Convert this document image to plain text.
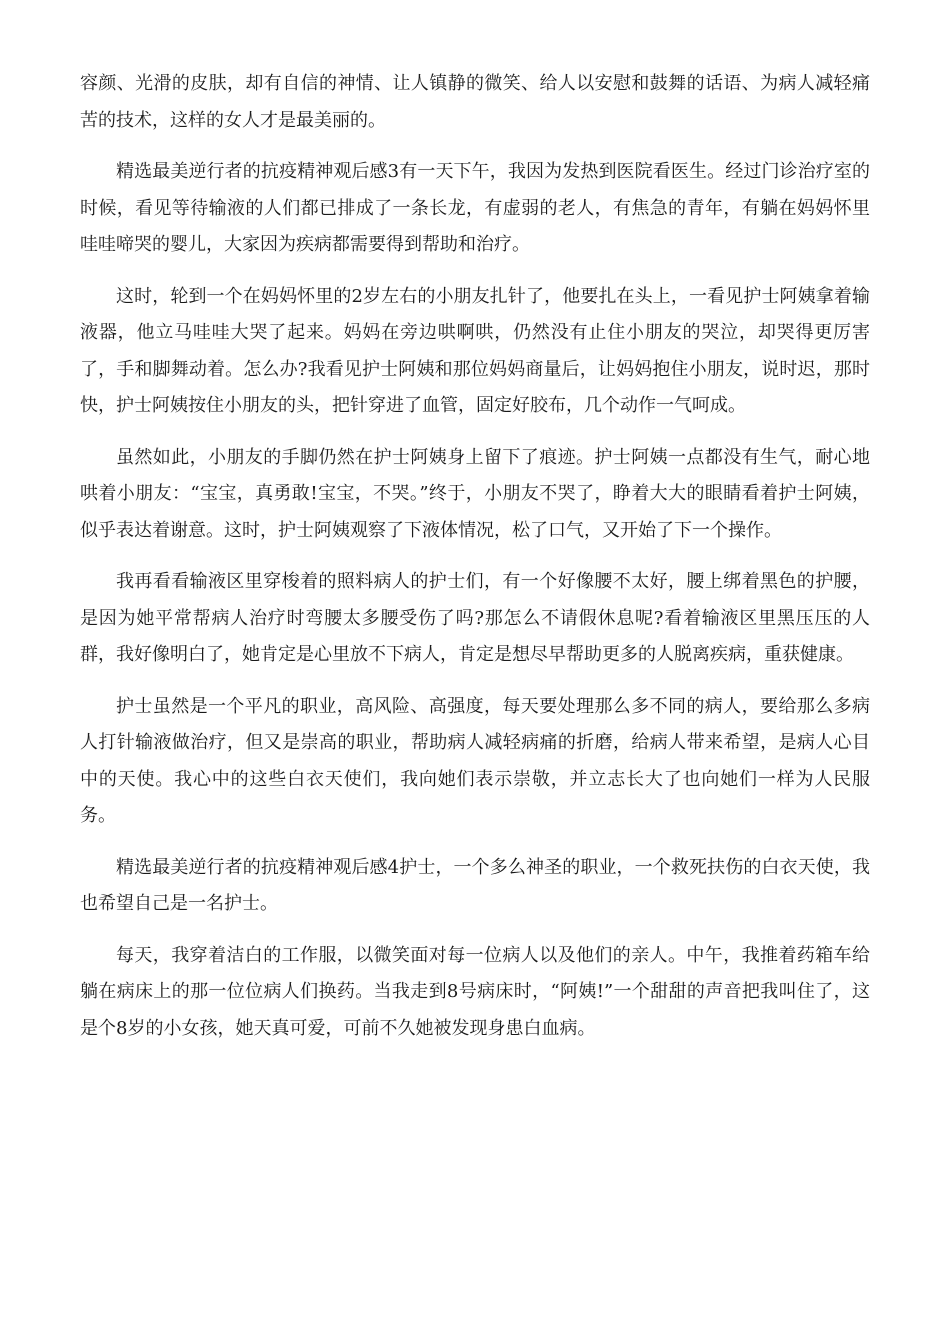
容颜、光滑的皮肤，却有自信的神情、让人镇静的微笑、给人以安慰和鼓舞的话语、为病人减轻痛苦的技术，这样的女人才是最美丽的。

精选最美逆行者的抗疫精神观后感3有一天下午，我因为发热到医院看医生。经过门诊治疗室的时候，看见等待输液的人们都已排成了一条长龙，有虚弱的老人，有焦急的青年，有躺在妈妈怀里哇哇啼哭的婴儿，大家因为疾病都需要得到帮助和治疗。

这时，轮到一个在妈妈怀里的2岁左右的小朋友扎针了，他要扎在头上，一看见护士阿姨拿着输液器，他立马哇哇大哭了起来。妈妈在旁边哄啊哄，仍然没有止住小朋友的哭泣，却哭得更厉害了，手和脚舞动着。怎么办?我看见护士阿姨和那位妈妈商量后，让妈妈抱住小朋友，说时迟，那时快，护士阿姨按住小朋友的头，把针穿进了血管，固定好胶布，几个动作一气呵成。

虽然如此，小朋友的手脚仍然在护士阿姨身上留下了痕迹。护士阿姨一点都没有生气，耐心地哄着小朋友：“宝宝，真勇敢!宝宝，不哭。”终于，小朋友不哭了，睁着大大的眼睛看着护士阿姨，似乎表达着谢意。这时，护士阿姨观察了下液体情况，松了口气，又开始了下一个操作。

我再看看输液区里穿梭着的照料病人的护士们，有一个好像腰不太好，腰上绑着黑色的护腰，是因为她平常帮病人治疗时弯腰太多腰受伤了吗?那怎么不请假休息呢?看着输液区里黑压压的人群，我好像明白了，她肯定是心里放不下病人，肯定是想尽早帮助更多的人脱离疾病，重获健康。

护士虽然是一个平凡的职业，高风险、高强度，每天要处理那么多不同的病人，要给那么多病人打针输液做治疗，但又是崇高的职业，帮助病人减轻病痛的折磨，给病人带来希望，是病人心目中的天使。我心中的这些白衣天使们，我向她们表示崇敬，并立志长大了也向她们一样为人民服务。

精选最美逆行者的抗疫精神观后感4护士，一个多么神圣的职业，一个救死扶伤的白衣天使，我也希望自己是一名护士。

每天，我穿着洁白的工作服，以微笑面对每一位病人以及他们的亲人。中午，我推着药箱车给躺在病床上的那一位位病人们换药。当我走到8号病床时，“阿姨!”一个甜甜的声音把我叫住了，这是个8岁的小女孩，她天真可爱，可前不久她被发现身患白血病。
